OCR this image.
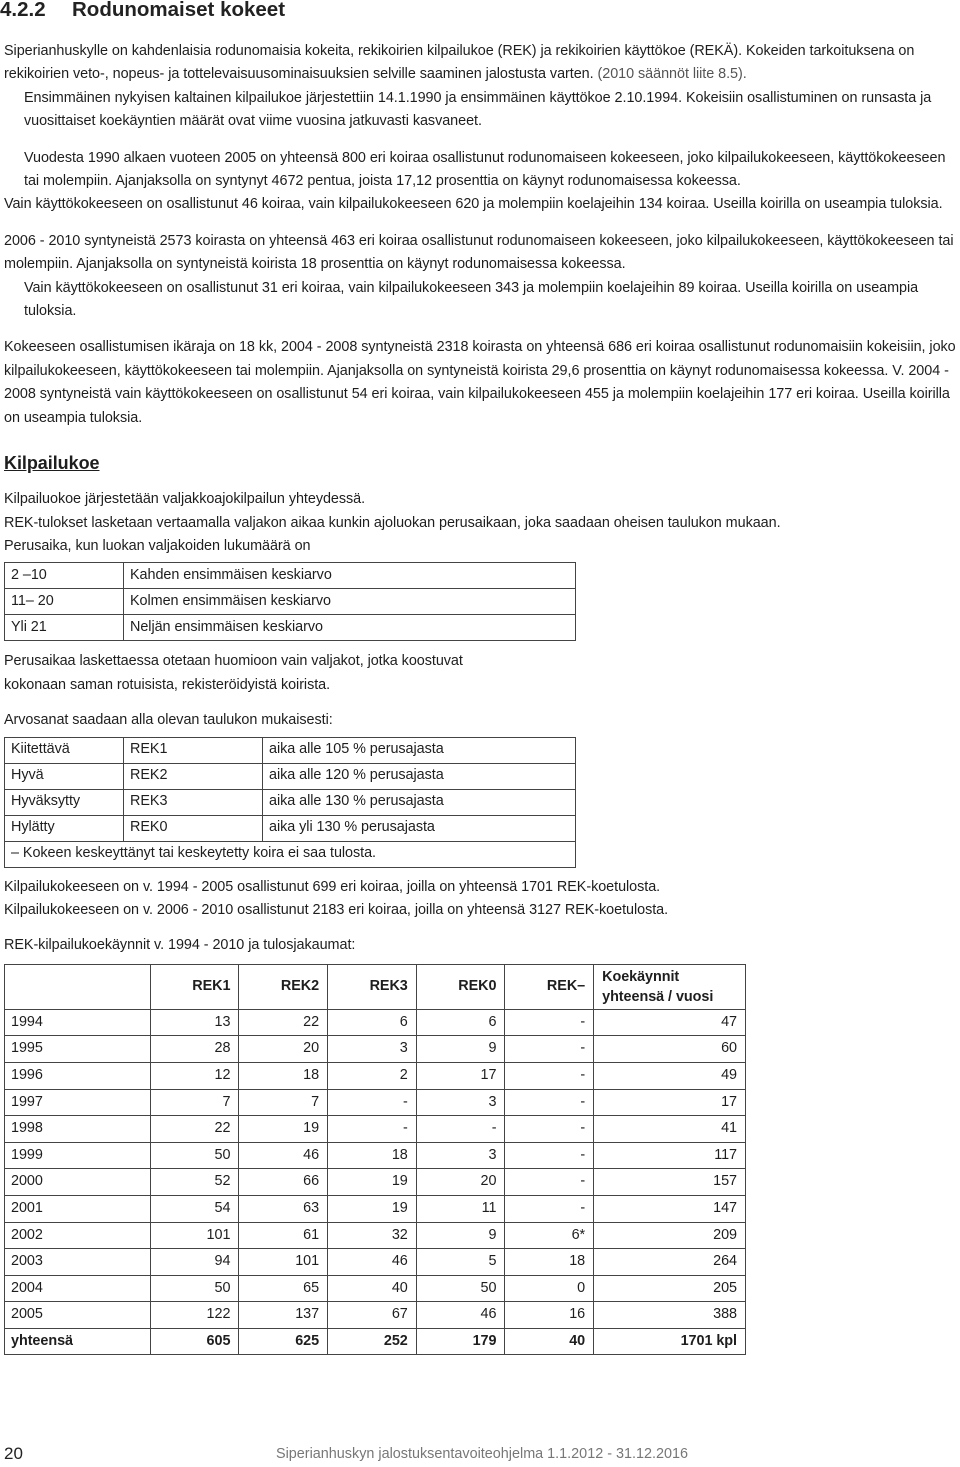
4.2.2 Rodunomaiset kokeet

Siperianhuskylle on kahdenlaisia rodunomaisia kokeita, rekikoirien kilpailukoe (REK) ja rekikoirien käyttökoe (REKÄ). Kokeiden tarkoituksena on rekikoirien veto-, nopeus- ja tottelevaisuusominaisuuksien selville saaminen jalostusta varten. (2010 säännöt liite 8.5).

Ensimmäinen nykyisen kaltainen kilpailukoe järjestettiin 14.1.1990 ja ensimmäinen käyttökoe 2.10.1994. Kokeisiin osallistuminen on runsasta ja vuosittaiset koekäyntien määrät ovat viime vuosina jatkuvasti kasvaneet.

Vuodesta 1990 alkaen vuoteen 2005 on yhteensä 800 eri koiraa osallistunut rodunomaiseen kokeeseen, joko kilpailukokeeseen, käyttökokeeseen tai molempiin. Ajanjaksolla on syntynyt 4672 pentua, joista 17,12 prosenttia on käynyt rodunomaisessa kokeessa.

Vain käyttökokeeseen on osallistunut 46 koiraa, vain kilpailukokeeseen 620 ja molempiin koelajeihin 134 koiraa. Useilla koirilla on useampia tuloksia.

2006 - 2010 syntyneistä 2573 koirasta on yhteensä 463 eri koiraa osallistunut rodunomaiseen kokeeseen, joko kilpailukokeeseen, käyttökokeeseen tai molempiin. Ajanjaksolla on syntyneistä koirista 18 prosenttia on käynyt rodunomaisessa kokeessa.

Vain käyttökokeeseen on osallistunut 31 eri koiraa, vain kilpailukokeeseen 343 ja molempiin koelajeihin 89 koiraa. Useilla koirilla on useampia tuloksia.

Kokeeseen osallistumisen ikäraja on 18 kk, 2004 - 2008 syntyneistä 2318 koirasta on yhteensä 686 eri koiraa osallistunut rodunomaisiin kokeisiin, joko kilpailukokeeseen, käyttökokeeseen tai molempiin. Ajanjaksolla on syntyneistä koirista 29,6 prosenttia on käynyt rodunomaisessa kokeessa. V. 2004 - 2008 syntyneistä vain käyttökokeeseen on osallistunut 54 eri koiraa, vain kilpailukokeeseen 455 ja molempiin koelajeihin 177 eri koiraa. Useilla koirilla on useampia tuloksia.

Kilpailukoe

Kilpailuokoe järjestetään valjakkoajokilpailun yhteydessä.

REK-tulokset lasketaan vertaamalla valjakon aikaa kunkin ajoluokan perusaikaan, joka saadaan oheisen taulukon mukaan.

Perusaika, kun luokan valjakoiden lukumäärä on

2 –10	Kahden ensimmäisen keskiarvo
11– 20	Kolmen ensimmäisen keskiarvo
Yli 21	Neljän ensimmäisen keskiarvo

Perusaikaa laskettaessa otetaan huomioon vain valjakot, jotka koostuvat

kokonaan saman rotuisista, rekisteröidyistä koirista.

Arvosanat saadaan alla olevan taulukon mukaisesti:

Kiitettävä	REK1	aika alle 105 % perusajasta
Hyvä	REK2	aika alle 120 % perusajasta
Hyväksytty	REK3	aika alle 130 % perusajasta
Hylätty	REK0	aika yli 130 % perusajasta
– Kokeen keskeyttänyt tai keskeytetty koira ei saa tulosta.		

Kilpailukokeeseen on v. 1994 - 2005 osallistunut 699 eri koiraa, joilla on yhteensä 1701 REK-koetulosta.

Kilpailukokeeseen on v. 2006 - 2010 osallistunut 2183 eri koiraa, joilla on yhteensä 3127 REK-koetulosta.

REK-kilpailukoekäynnit v. 1994 - 2010 ja tulosjakaumat:

	REK1	REK2	REK3	REK0	REK–	Koekäynnit yhteensä / vuosi
1994	13	22	6	6	-	47
1995	28	20	3	9	-	60
1996	12	18	2	17	-	49
1997	7	7	-	3	-	17
1998	22	19	-	-	-	41
1999	50	46	18	3	-	117
2000	52	66	19	20	-	157
2001	54	63	19	11	-	147
2002	101	61	32	9	6*	209
2003	94	101	46	5	18	264
2004	50	65	40	50	0	205
2005	122	137	67	46	16	388
yhteensä	605	625	252	179	40	1701 kpl
20	Siperianhuskyn jalostuksentavoiteohjelma 1.1.2012 - 31.12.2016
